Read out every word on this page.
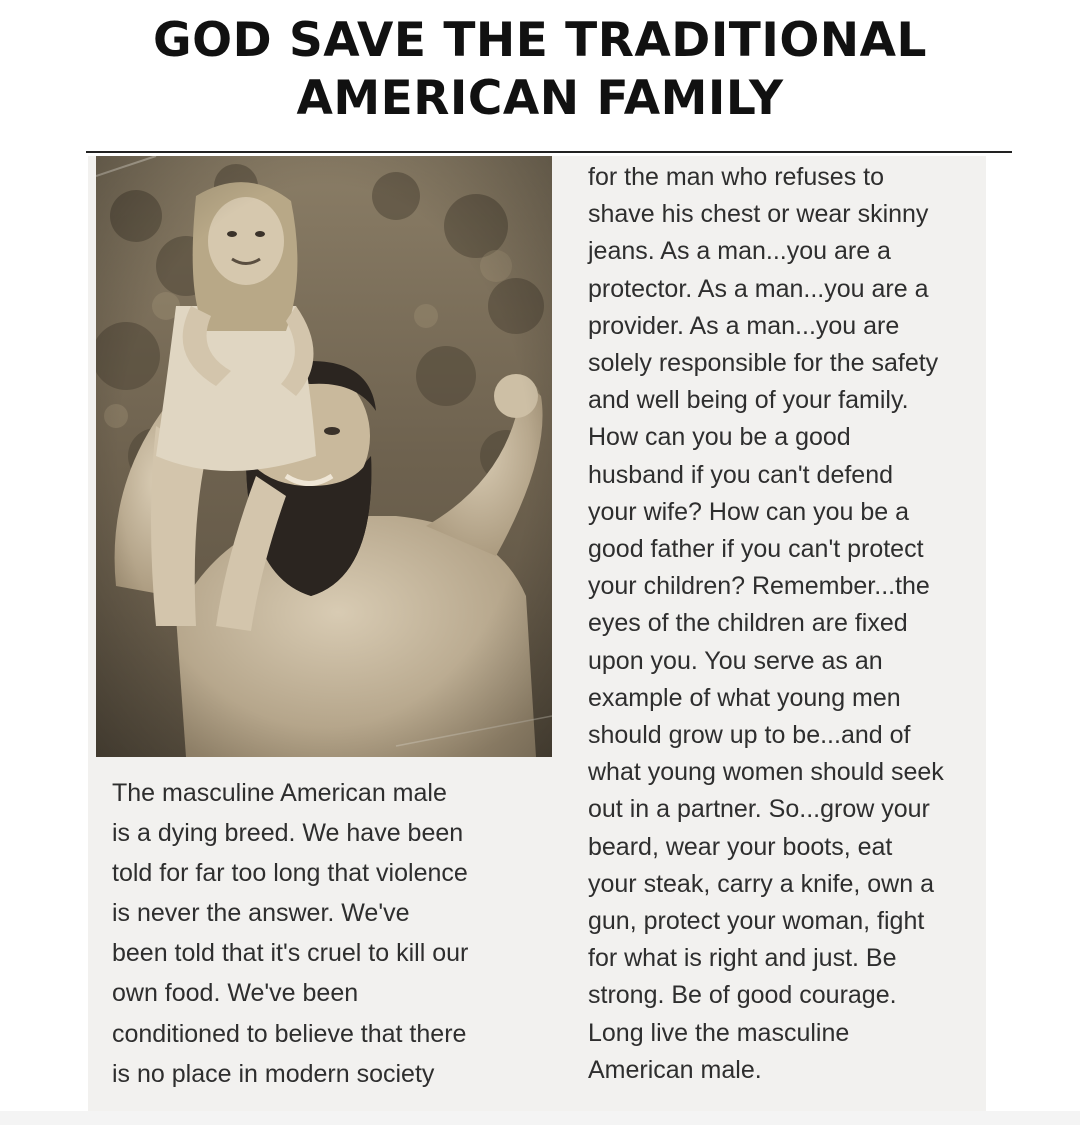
GOD SAVE THE TRADITIONAL
AMERICAN FAMILY
The masculine American male
is a dying breed. We have been
told for far too long that violence
is never the answer. We've
been told that it's cruel to kill our
own food. We've been
conditioned to believe that there
is no place in modern society
for the man who refuses to
shave his chest or wear skinny
jeans. As a man...you are a
protector. As a man...you are a
provider. As a man...you are
solely responsible for the safety
and well being of your family.
How can you be a good
husband if you can't defend
your wife? How can you be a
good father if you can't protect
your children? Remember...the
eyes of the children are fixed
upon you. You serve as an
example of what young men
should grow up to be...and of
what young women should seek
out in a partner. So...grow your
beard, wear your boots, eat
your steak, carry a knife, own a
gun, protect your woman, fight
for what is right and just. Be
strong. Be of good courage.
Long live the masculine
American male.
